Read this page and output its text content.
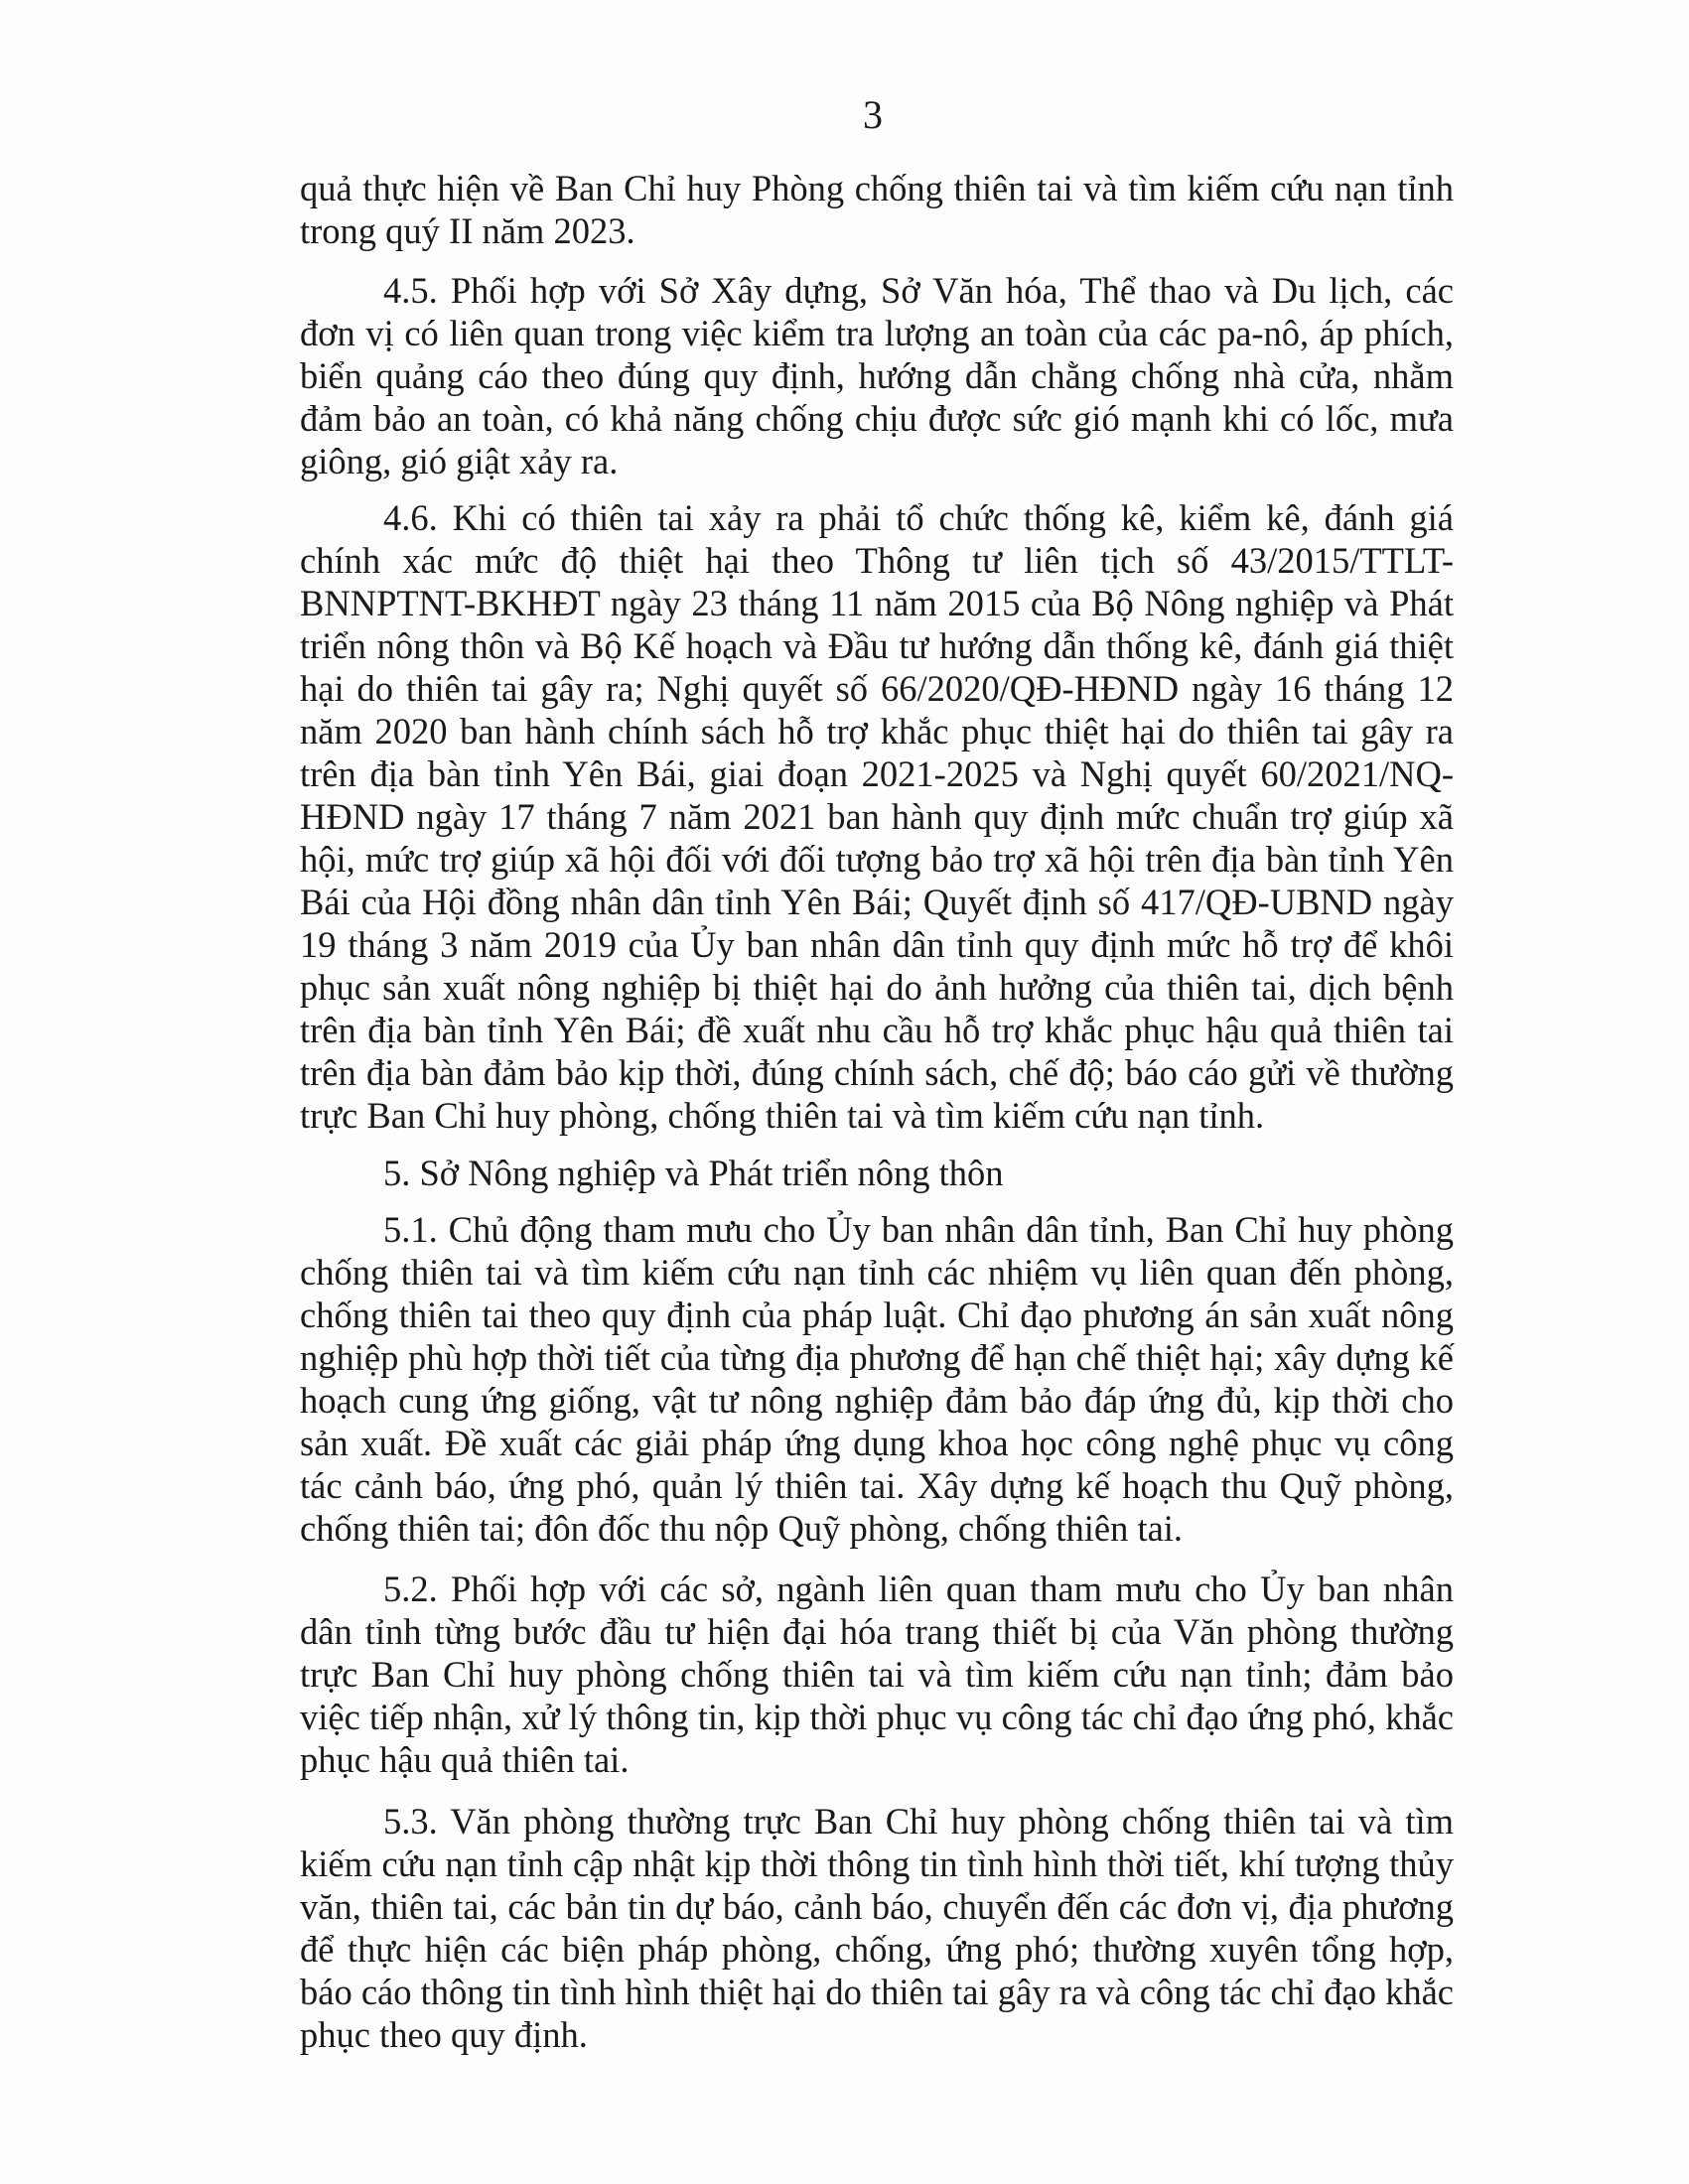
3

quả thực hiện về Ban Chỉ huy Phòng chống thiên tai và tìm kiếm cứu nạn tỉnh trong quý II năm 2023.

4.5. Phối hợp với Sở Xây dựng, Sở Văn hóa, Thể thao và Du lịch, các đơn vị có liên quan trong việc kiểm tra lượng an toàn của các pa-nô, áp phích, biển quảng cáo theo đúng quy định, hướng dẫn chằng chống nhà cửa, nhằm đảm bảo an toàn, có khả năng chống chịu được sức gió mạnh khi có lốc, mưa giông, gió giật xảy ra.

4.6. Khi có thiên tai xảy ra phải tổ chức thống kê, kiểm kê, đánh giá chính xác mức độ thiệt hại theo Thông tư liên tịch số 43/2015/TTLT-BNNPTNT-BKHĐT ngày 23 tháng 11 năm 2015 của Bộ Nông nghiệp và Phát triển nông thôn và Bộ Kế hoạch và Đầu tư hướng dẫn thống kê, đánh giá thiệt hại do thiên tai gây ra; Nghị quyết số 66/2020/QĐ-HĐND ngày 16 tháng 12 năm 2020 ban hành chính sách hỗ trợ khắc phục thiệt hại do thiên tai gây ra trên địa bàn tỉnh Yên Bái, giai đoạn 2021-2025 và Nghị quyết 60/2021/NQ-HĐND ngày 17 tháng 7 năm 2021 ban hành quy định mức chuẩn trợ giúp xã hội, mức trợ giúp xã hội đối với đối tượng bảo trợ xã hội trên địa bàn tỉnh Yên Bái của Hội đồng nhân dân tỉnh Yên Bái; Quyết định số 417/QĐ-UBND ngày 19 tháng 3 năm 2019 của Ủy ban nhân dân tỉnh quy định mức hỗ trợ để khôi phục sản xuất nông nghiệp bị thiệt hại do ảnh hưởng của thiên tai, dịch bệnh trên địa bàn tỉnh Yên Bái; đề xuất nhu cầu hỗ trợ khắc phục hậu quả thiên tai trên địa bàn đảm bảo kịp thời, đúng chính sách, chế độ; báo cáo gửi về thường trực Ban Chỉ huy phòng, chống thiên tai và tìm kiếm cứu nạn tỉnh.

5. Sở Nông nghiệp và Phát triển nông thôn

5.1. Chủ động tham mưu cho Ủy ban nhân dân tỉnh, Ban Chỉ huy phòng chống thiên tai và tìm kiếm cứu nạn tỉnh các nhiệm vụ liên quan đến phòng, chống thiên tai theo quy định của pháp luật. Chỉ đạo phương án sản xuất nông nghiệp phù hợp thời tiết của từng địa phương để hạn chế thiệt hại; xây dựng kế hoạch cung ứng giống, vật tư nông nghiệp đảm bảo đáp ứng đủ, kịp thời cho sản xuất. Đề xuất các giải pháp ứng dụng khoa học công nghệ phục vụ công tác cảnh báo, ứng phó, quản lý thiên tai. Xây dựng kế hoạch thu Quỹ phòng, chống thiên tai; đôn đốc thu nộp Quỹ phòng, chống thiên tai.

5.2. Phối hợp với các sở, ngành liên quan tham mưu cho Ủy ban nhân dân tỉnh từng bước đầu tư hiện đại hóa trang thiết bị của Văn phòng thường trực Ban Chỉ huy phòng chống thiên tai và tìm kiếm cứu nạn tỉnh; đảm bảo việc tiếp nhận, xử lý thông tin, kịp thời phục vụ công tác chỉ đạo ứng phó, khắc phục hậu quả thiên tai.

5.3. Văn phòng thường trực Ban Chỉ huy phòng chống thiên tai và tìm kiếm cứu nạn tỉnh cập nhật kịp thời thông tin tình hình thời tiết, khí tượng thủy văn, thiên tai, các bản tin dự báo, cảnh báo, chuyển đến các đơn vị, địa phương để thực hiện các biện pháp phòng, chống, ứng phó; thường xuyên tổng hợp, báo cáo thông tin tình hình thiệt hại do thiên tai gây ra và công tác chỉ đạo khắc phục theo quy định.
